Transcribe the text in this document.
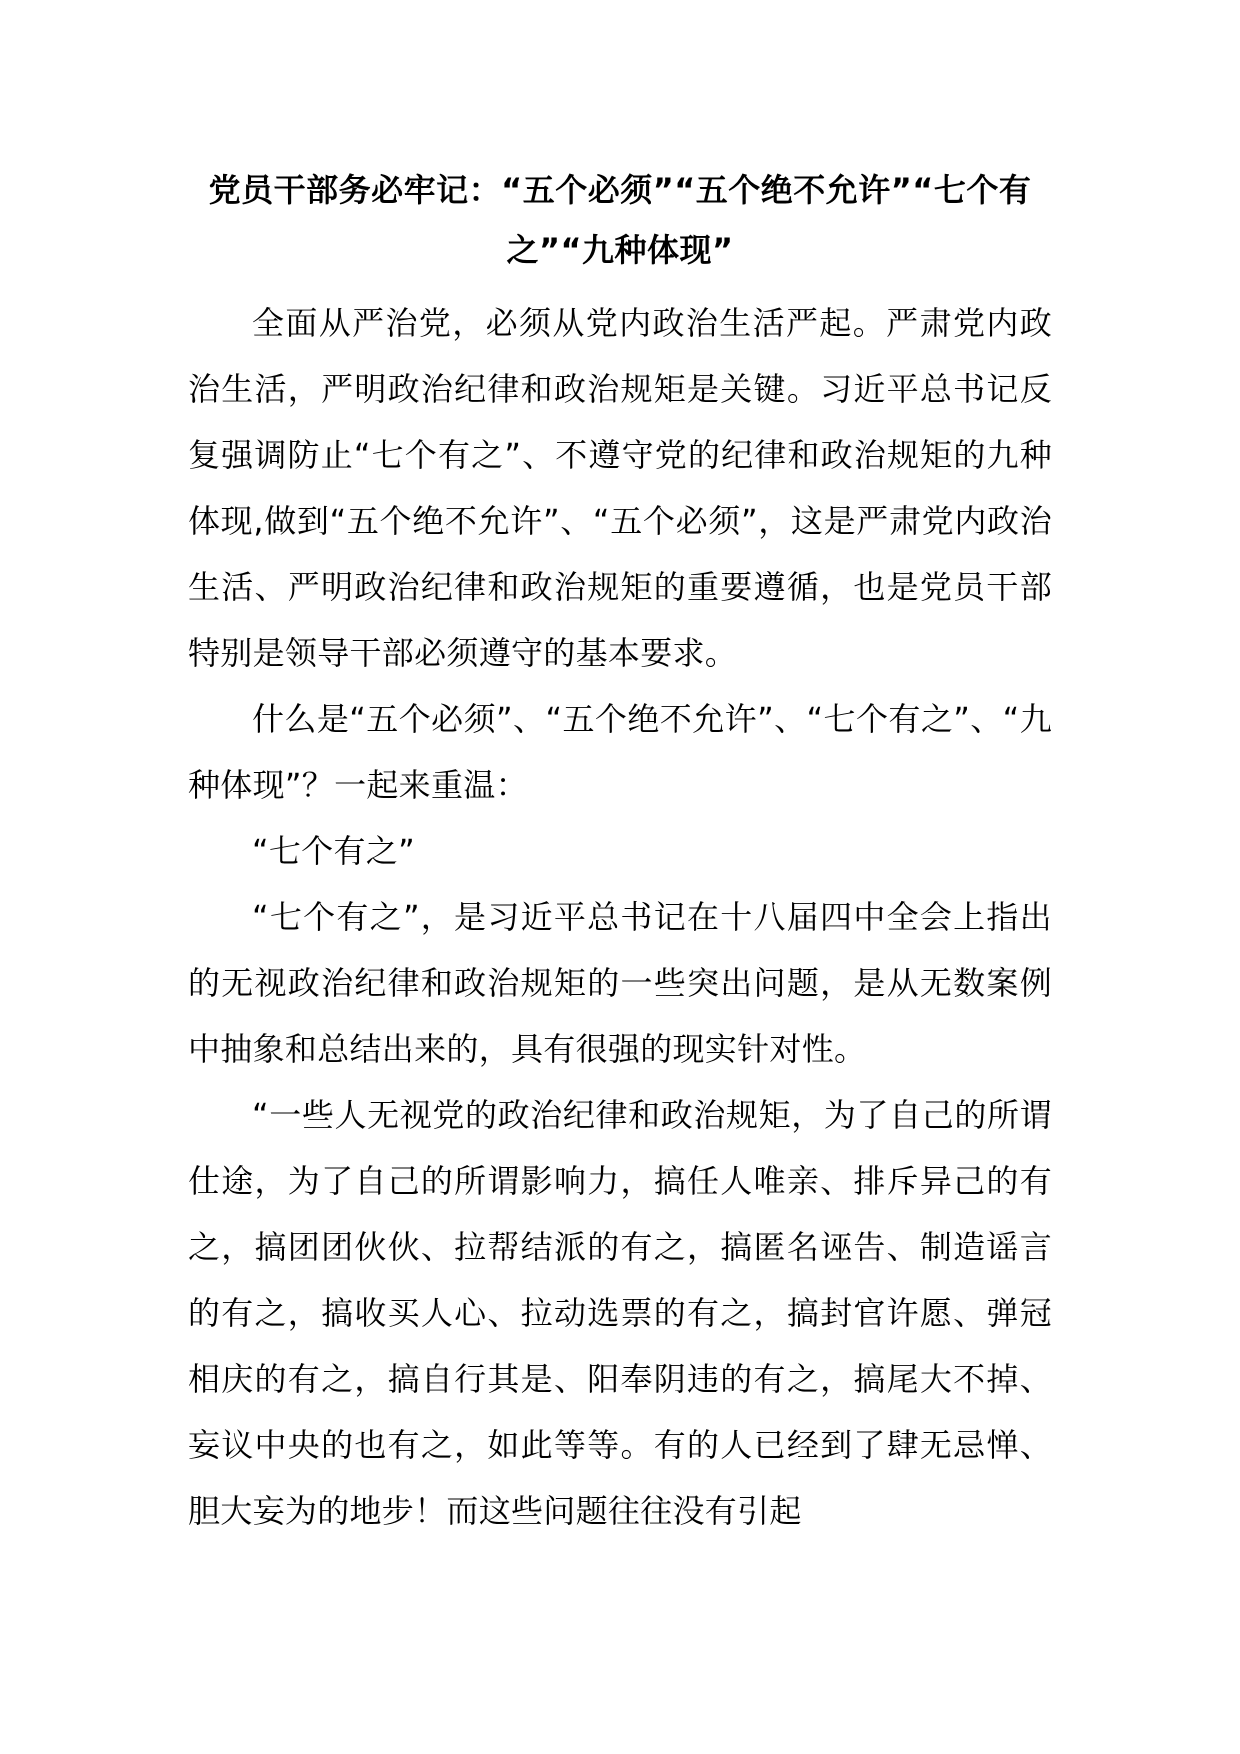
党员干部务必牢记：“五个必须”“五个绝不允许”“七个有之”“九种体现”

全面从严治党，必须从党内政治生活严起。严肃党内政治生活，严明政治纪律和政治规矩是关键。习近平总书记反复强调防止“七个有之”、不遵守党的纪律和政治规矩的九种体现,做到“五个绝不允许”、“五个必须”，这是严肃党内政治生活、严明政治纪律和政治规矩的重要遵循，也是党员干部特别是领导干部必须遵守的基本要求。

什么是“五个必须”、“五个绝不允许”、“七个有之”、“九种体现”？一起来重温：

“七个有之”

“七个有之”，是习近平总书记在十八届四中全会上指出的无视政治纪律和政治规矩的一些突出问题，是从无数案例中抽象和总结出来的，具有很强的现实针对性。

“一些人无视党的政治纪律和政治规矩，为了自己的所谓仕途，为了自己的所谓影响力，搞任人唯亲、排斥异己的有之，搞团团伙伙、拉帮结派的有之，搞匿名诬告、制造谣言的有之，搞收买人心、拉动选票的有之，搞封官许愿、弹冠相庆的有之，搞自行其是、阳奉阴违的有之，搞尾大不掉、妄议中央的也有之，如此等等。有的人已经到了肆无忌惮、胆大妄为的地步！而这些问题往往没有引起
